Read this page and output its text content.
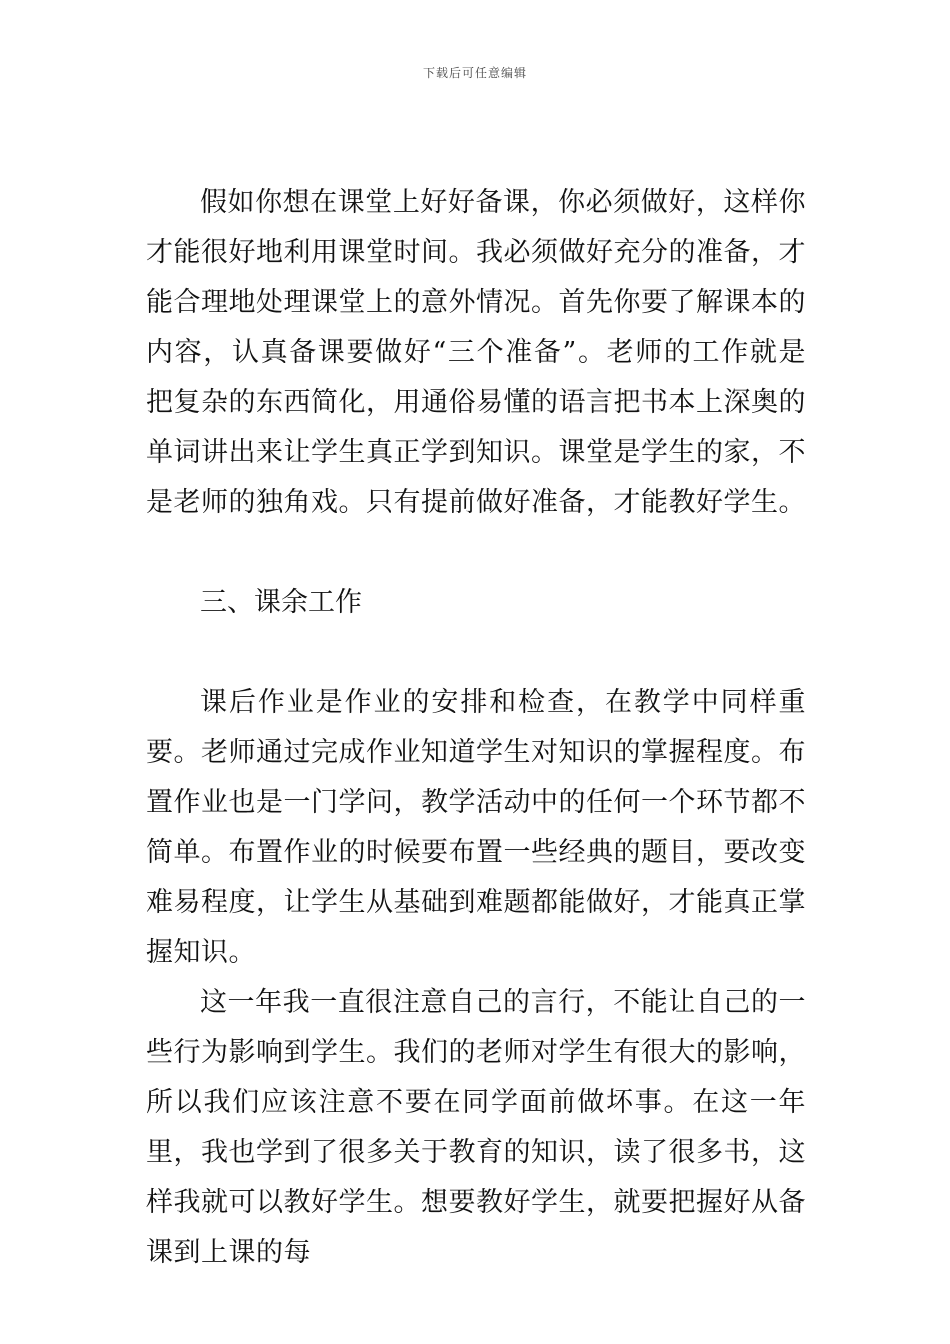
下载后可任意编辑

假如你想在课堂上好好备课，你必须做好，这样你才能很好地利用课堂时间。我必须做好充分的准备，才能合理地处理课堂上的意外情况。首先你要了解课本的内容，认真备课要做好“三个准备”。老师的工作就是把复杂的东西简化，用通俗易懂的语言把书本上深奥的单词讲出来让学生真正学到知识。课堂是学生的家，不是老师的独角戏。只有提前做好准备，才能教好学生。

三、课余工作

课后作业是作业的安排和检查，在教学中同样重要。老师通过完成作业知道学生对知识的掌握程度。布置作业也是一门学问，教学活动中的任何一个环节都不简单。布置作业的时候要布置一些经典的题目，要改变难易程度，让学生从基础到难题都能做好，才能真正掌握知识。

这一年我一直很注意自己的言行，不能让自己的一些行为影响到学生。我们的老师对学生有很大的影响，所以我们应该注意不要在同学面前做坏事。在这一年里，我也学到了很多关于教育的知识，读了很多书，这样我就可以教好学生。想要教好学生，就要把握好从备课到上课的每
